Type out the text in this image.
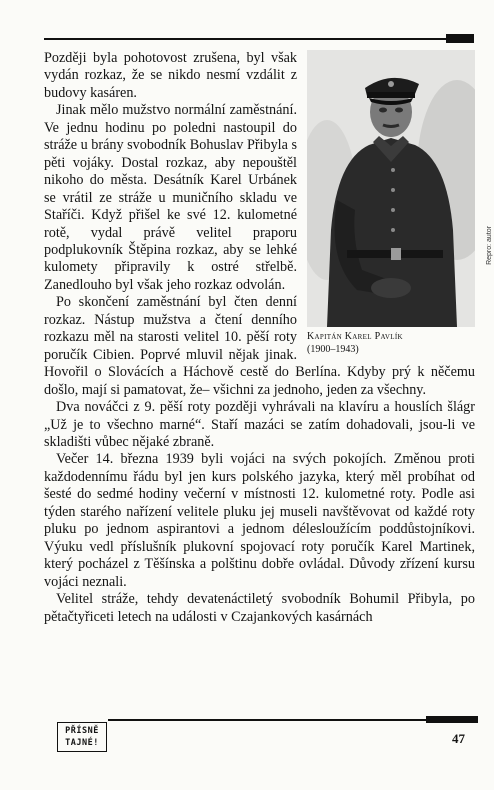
Repro: autor
Kapitán Karel Pavlík
(1900–1943)

Později byla pohotovost zrušena, byl však vydán rozkaz, že se nikdo nesmí vzdálit z budovy kasáren.

Jinak mělo mužstvo normální zaměstnání. Ve jednu hodinu po poledni nastoupil do stráže u brány svobodník Bohuslav Přibyla s pěti vojáky. Dostal rozkaz, aby nepouštěl nikoho do města. Desátník Karel Urbánek se vrátil ze stráže u muničního skladu ve Staříči. Když přišel ke své 12. kulometné rotě, vydal právě velitel praporu podplukovník Štěpina rozkaz, aby se lehké kulomety připravily k ostré střelbě. Zanedlouho byl však jeho rozkaz odvolán.

Po skončení zaměstnání byl čten denní rozkaz. Nástup mužstva a čtení denního rozkazu měl na starosti velitel 10. pěší roty poručík Cibien. Poprvé mluvil nějak jinak. Hovořil o Slovácích a Háchově cestě do Berlína. Kdyby prý k něčemu došlo, mají si pamatovat, že– všichni za jednoho, jeden za všechny.

Dva nováčci z 9. pěší roty později vyhrávali na klavíru a houslích šlágr „Už je to všechno marné“. Staří mazáci se zatím dohadovali, jsou-li ve skladišti vůbec nějaké zbraně.

Večer 14. března 1939 byli vojáci na svých pokojích. Změnou proti každodennímu řádu byl jen kurs polského jazyka, který měl probíhat od šesté do sedmé hodiny večerní v místnosti 12. kulometné roty. Podle asi týden starého nařízení velitele pluku jej museli navštěvovat od každé roty pluku po jednom aspirantovi a jednom délesloužícím poddůstojníkovi. Výuku vedl příslušník plukovní spojovací roty poručík Karel Martinek, který pocházel z Těšínska a polštinu dobře ovládal. Důvody zřízení kursu vojáci neznali.

Velitel stráže, tehdy devatenáctiletý svobodník Bohumil Přibyla, po pětačtyřiceti letech na události v Czajankových kasárnách

PŘÍSNĚ
TAJNÉ!	47
